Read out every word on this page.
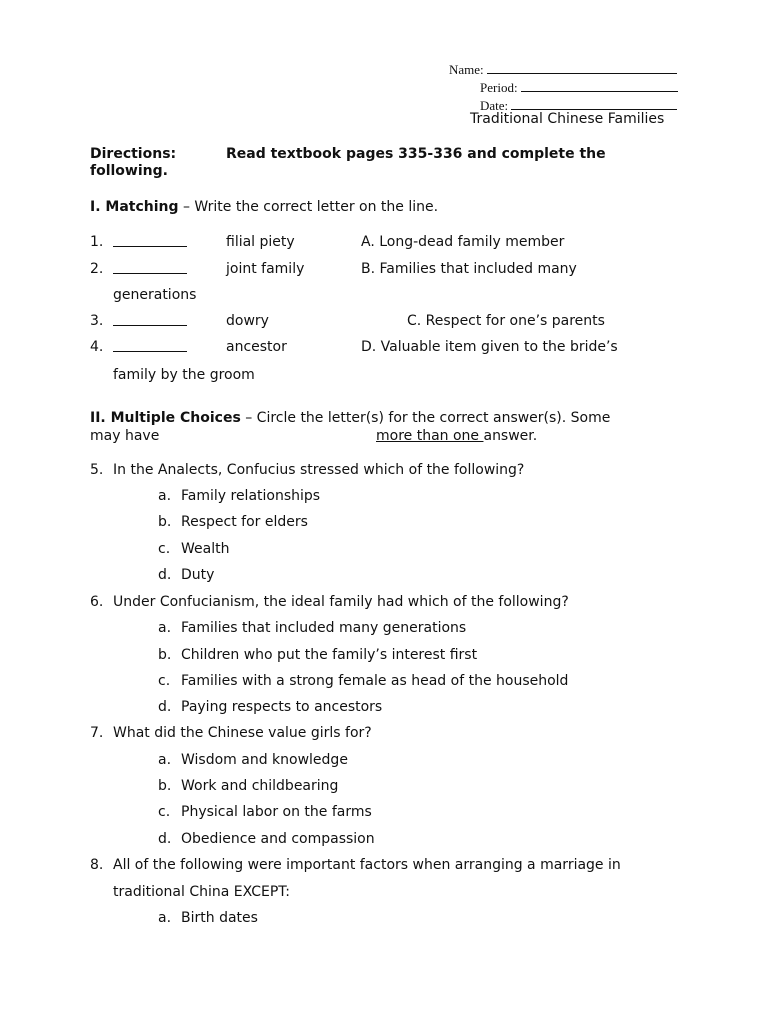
Name:
Period:
Date:
Traditional Chinese Families
Directions:	Read textbook pages 335-336 and complete the
following.
I. Matching – Write the correct letter on the line.
1.	filial piety	A. Long-dead family member
2.	joint family	B. Families that included many
generations
3.	dowry	C. Respect for one’s parents
4.	ancestor	D. Valuable item given to the bride’s
family by the groom
II. Multiple Choices – Circle the letter(s) for the correct answer(s). Some
may have	more than one answer.
5. In the Analects, Confucius stressed which of the following?
a. Family relationships
b. Respect for elders
c. Wealth
d. Duty
6. Under Confucianism, the ideal family had which of the following?
a. Families that included many generations
b. Children who put the family’s interest first
c. Families with a strong female as head of the household
d. Paying respects to ancestors
7. What did the Chinese value girls for?
a. Wisdom and knowledge
b. Work and childbearing
c. Physical labor on the farms
d. Obedience and compassion
8. All of the following were important factors when arranging a marriage in
traditional China EXCEPT:
a. Birth dates
